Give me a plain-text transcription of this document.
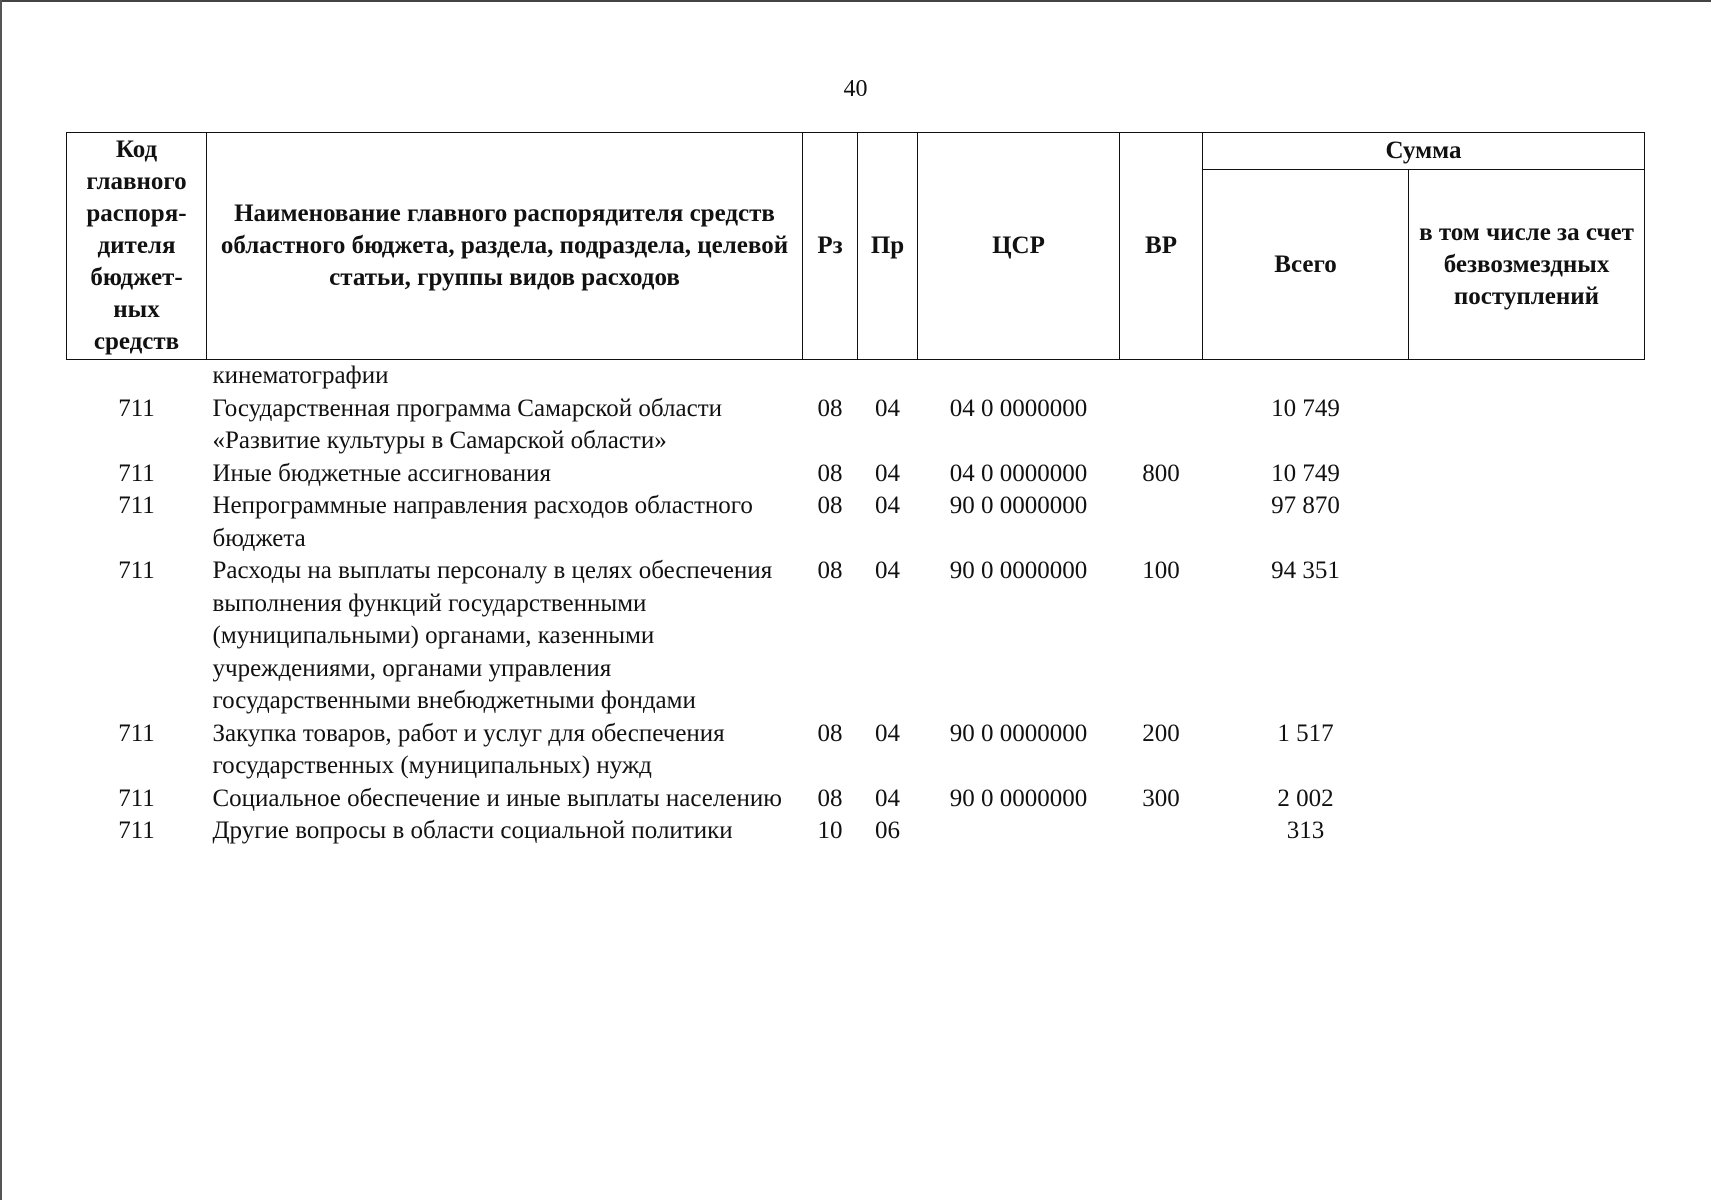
40
Код главного распоря-дителя бюджет-ных средств	Наименование главного распорядителя средств областного бюджета, раздела, подраздела, целевой статьи, группы видов расходов	Рз	Пр	ЦСР	ВР	Сумма	
						Всего	в том числе за счет безвозмездных поступлений
	кинематографии						
711	Государственная программа Самарской области «Развитие культуры в Самарской области»	08	04	04 0 0000000		10 749	
711	Иные бюджетные ассигнования	08	04	04 0 0000000	800	10 749	
711	Непрограммные направления расходов областного бюджета	08	04	90 0 0000000		97 870	
711	Расходы на выплаты персоналу в целях обеспечения выполнения функций государственными (муниципальными) органами, казенными учреждениями, органами управления государственными внебюджетными фондами	08	04	90 0 0000000	100	94 351	
711	Закупка товаров, работ и услуг для обеспечения государственных (муниципальных) нужд	08	04	90 0 0000000	200	1 517	
711	Социальное обеспечение и иные выплаты населению	08	04	90 0 0000000	300	2 002	
711	Другие вопросы в области социальной политики	10	06			313	
